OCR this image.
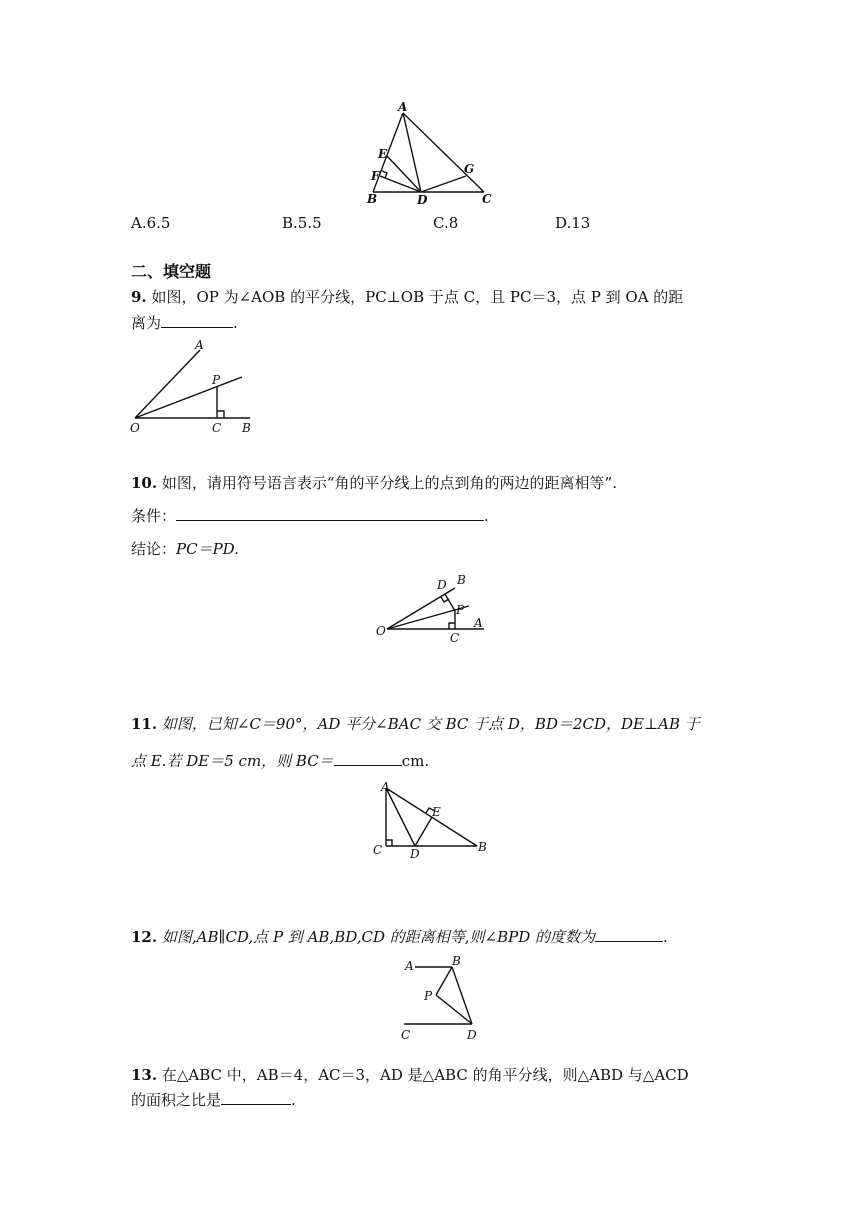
A
E
F
B	D
G
C
A.6.5	B.5.5	C.8	D.13
二、填空题
9. 如图，OP 为∠AOB 的平分线，PC⊥OB 于点 C，且 PC＝3，点 P 到 OA 的距
离为	.
A
P
O	C B
10. 如图，请用符号语言表示“角的平分线上的点到角的两边的距离相等”.
条件：	.
结论：PC＝PD.
D B
P
O	C
A
11. 如图，已知∠C＝90°，AD 平分∠BAC 交 BC 于点 D，BD＝2CD，DE⊥AB 于
点 E.若 DE＝5 cm，则 BC＝	cm.
A
E
C D	B
12. 如图,AB∥CD,点 P 到 AB,BD,CD 的距离相等,则∠BPD 的度数为	.
A	B
P
C	D
13. 在△ABC 中，AB＝4，AC＝3，AD 是△ABC 的角平分线，则△ABD 与△ACD
的面积之比是	.
